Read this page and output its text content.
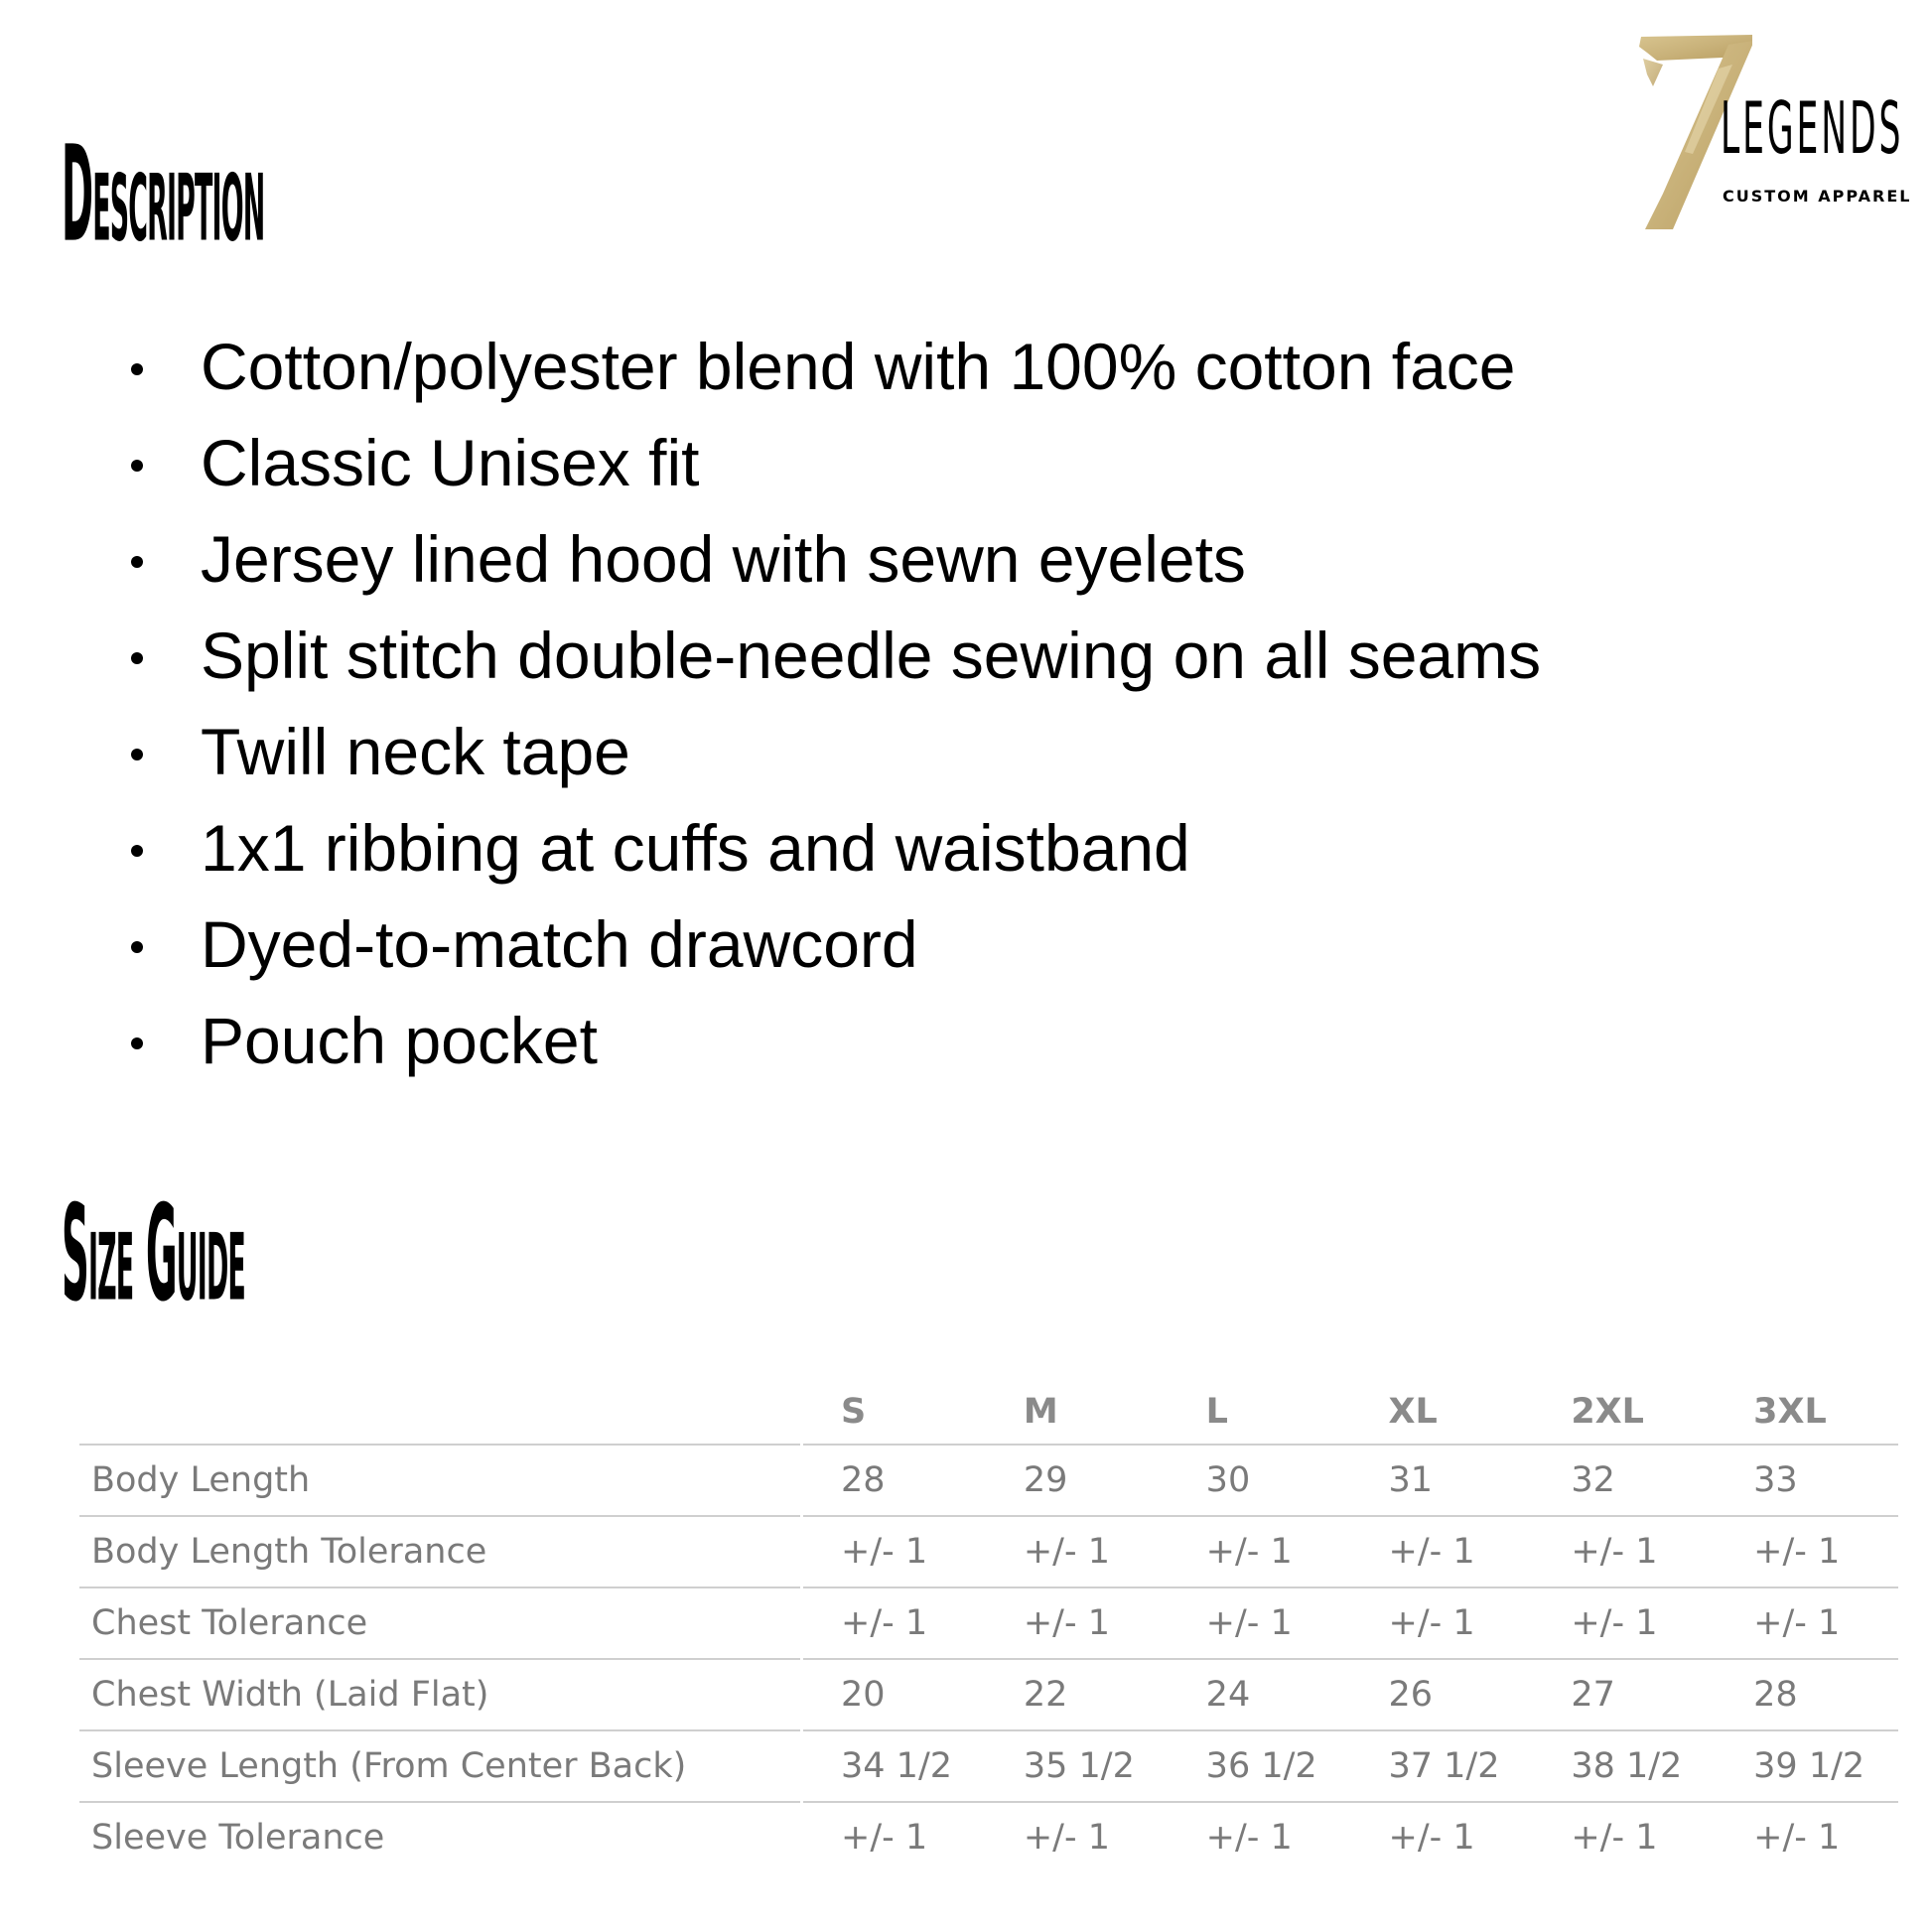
LEGENDS
CUSTOM APPAREL
Description
Cotton/polyester blend with 100% cotton face
Classic Unisex fit
Jersey lined hood with sewn eyelets
Split stitch double-needle sewing on all seams
Twill neck tape
1x1 ribbing at cuffs and waistband
Dyed-to-match drawcord
Pouch pocket
Size Guide
	S	M	L	XL	2XL	3XL
Body Length	28	29	30	31	32	33
Body Length Tolerance	+/- 1	+/- 1	+/- 1	+/- 1	+/- 1	+/- 1
Chest Tolerance	+/- 1	+/- 1	+/- 1	+/- 1	+/- 1	+/- 1
Chest Width (Laid Flat)	20	22	24	26	27	28
Sleeve Length (From Center Back)	34 1/2	35 1/2	36 1/2	37 1/2	38 1/2	39 1/2
Sleeve Tolerance	+/- 1	+/- 1	+/- 1	+/- 1	+/- 1	+/- 1
